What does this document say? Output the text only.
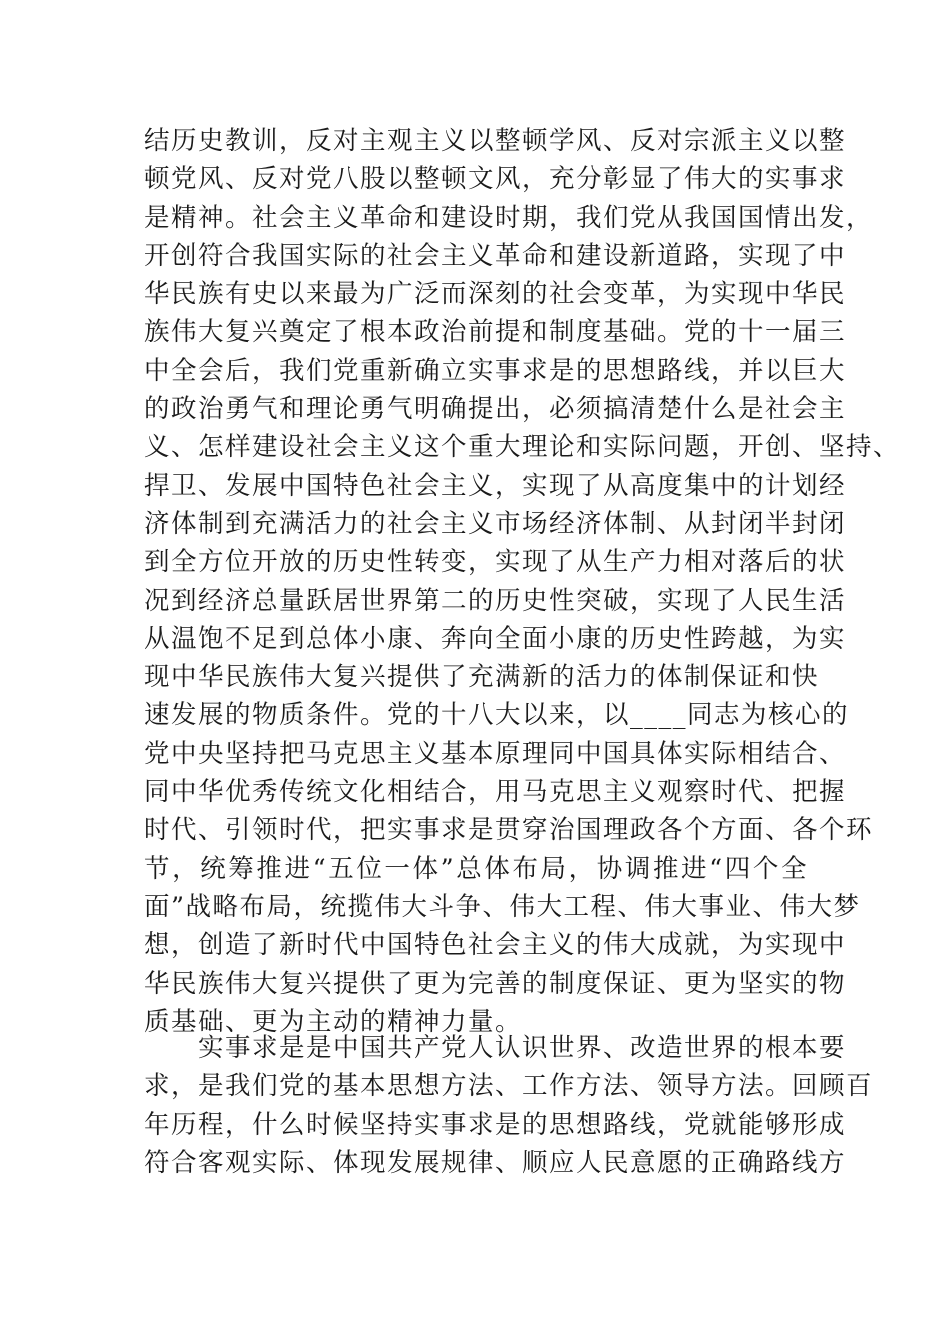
结历史教训，反对主观主义以整顿学风、反对宗派主义以整
顿党风、反对党八股以整顿文风，充分彰显了伟大的实事求
是精神。社会主义革命和建设时期，我们党从我国国情出发，
开创符合我国实际的社会主义革命和建设新道路，实现了中
华民族有史以来最为广泛而深刻的社会变革，为实现中华民
族伟大复兴奠定了根本政治前提和制度基础。党的十一届三
中全会后，我们党重新确立实事求是的思想路线，并以巨大
的政治勇气和理论勇气明确提出，必须搞清楚什么是社会主
义、怎样建设社会主义这个重大理论和实际问题，开创、坚持、
捍卫、发展中国特色社会主义，实现了从高度集中的计划经
济体制到充满活力的社会主义市场经济体制、从封闭半封闭
到全方位开放的历史性转变，实现了从生产力相对落后的状
况到经济总量跃居世界第二的历史性突破，实现了人民生活
从温饱不足到总体小康、奔向全面小康的历史性跨越，为实
现中华民族伟大复兴提供了充满新的活力的体制保证和快
速发展的物质条件。党的十八大以来，以____同志为核心的
党中央坚持把马克思主义基本原理同中国具体实际相结合、
同中华优秀传统文化相结合，用马克思主义观察时代、把握
时代、引领时代，把实事求是贯穿治国理政各个方面、各个环
节，统筹推进“五位一体”总体布局，协调推进“四个全
面”战略布局，统揽伟大斗争、伟大工程、伟大事业、伟大梦
想，创造了新时代中国特色社会主义的伟大成就，为实现中
华民族伟大复兴提供了更为完善的制度保证、更为坚实的物
质基础、更为主动的精神力量。
实事求是是中国共产党人认识世界、改造世界的根本要
求，是我们党的基本思想方法、工作方法、领导方法。回顾百
年历程，什么时候坚持实事求是的思想路线，党就能够形成
符合客观实际、体现发展规律、顺应人民意愿的正确路线方
